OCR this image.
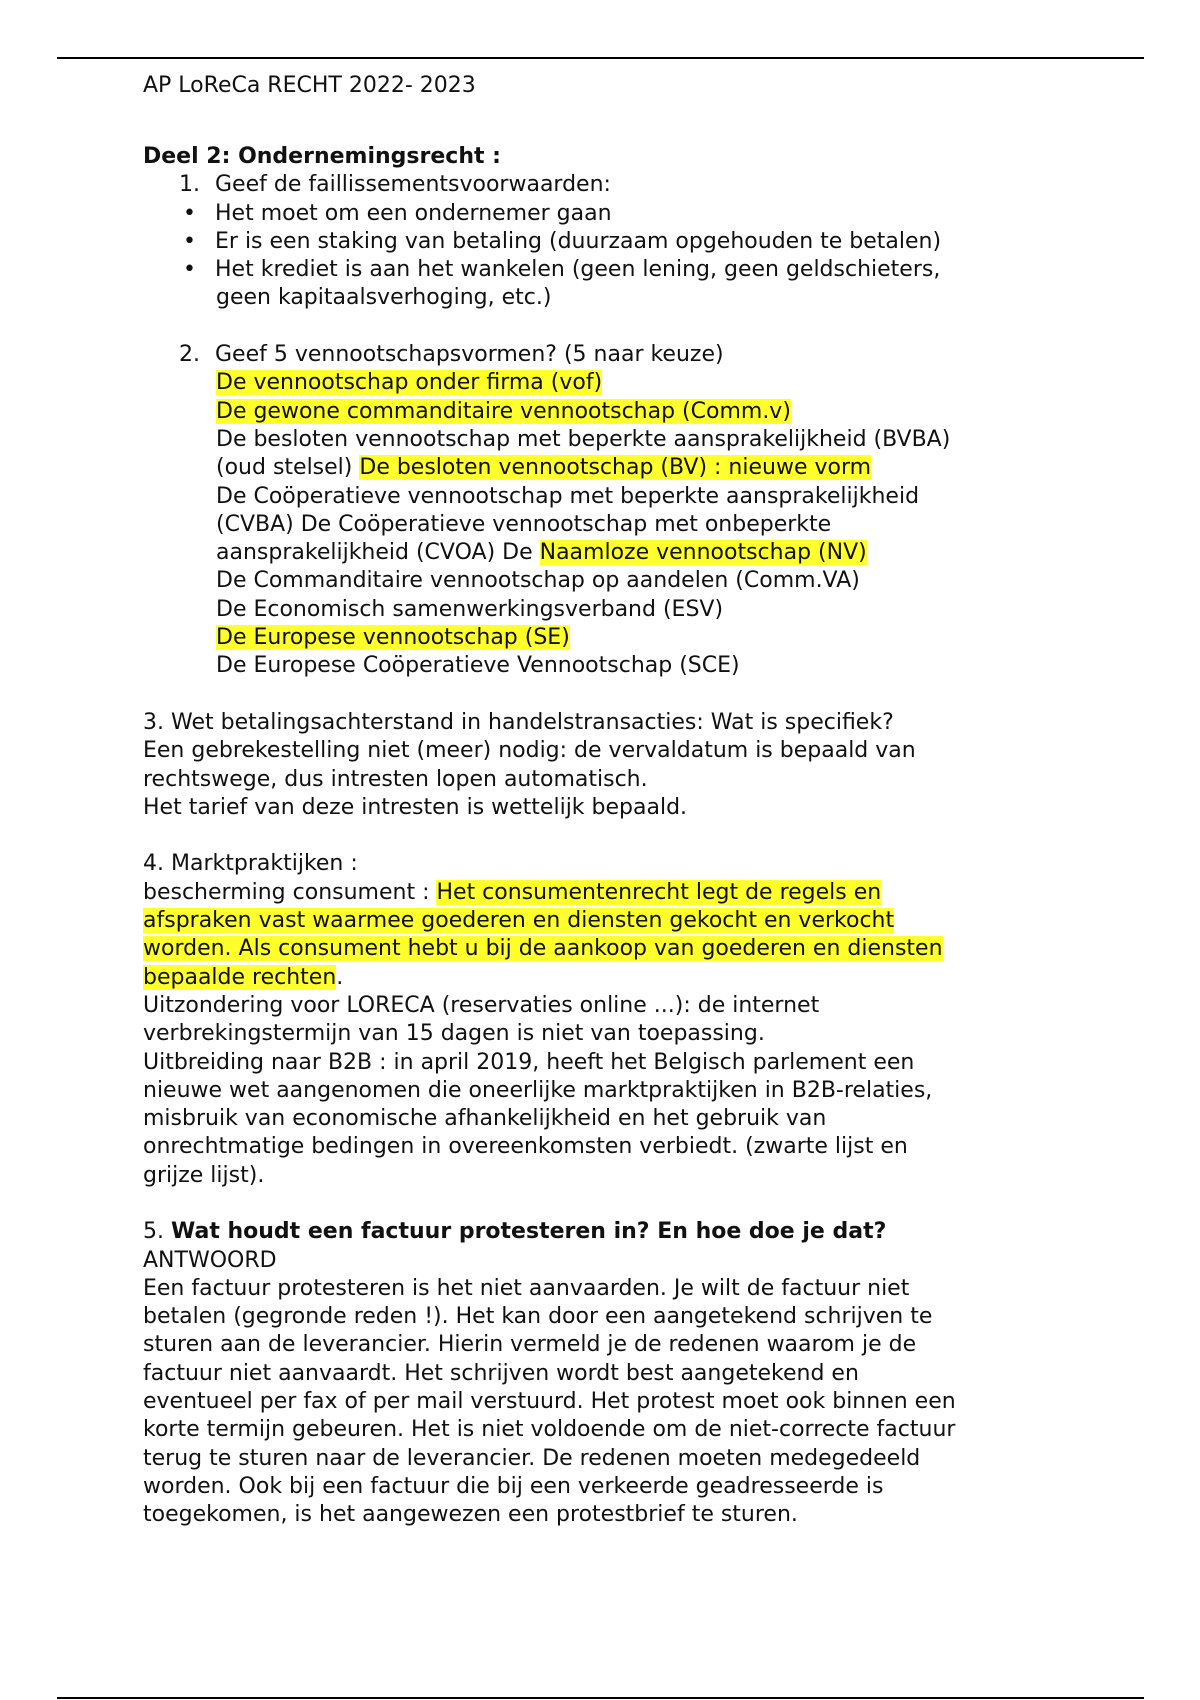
AP LoReCa RECHT 2022- 2023
Deel 2: Ondernemingsrecht :
1. Geef de faillissementsvoorwaarden:
• Het moet om een ondernemer gaan
• Er is een staking van betaling (duurzaam opgehouden te betalen)
• Het krediet is aan het wankelen (geen lening, geen geldschieters,
geen kapitaalsverhoging, etc.)
2. Geef 5 vennootschapsvormen? (5 naar keuze)
De vennootschap onder firma (vof)
De gewone commanditaire vennootschap (Comm.v)
De besloten vennootschap met beperkte aansprakelijkheid (BVBA)
(oud stelsel) De besloten vennootschap (BV) : nieuwe vorm
De Coöperatieve vennootschap met beperkte aansprakelijkheid
(CVBA) De Coöperatieve vennootschap met onbeperkte
aansprakelijkheid (CVOA) De Naamloze vennootschap (NV)
De Commanditaire vennootschap op aandelen (Comm.VA)
De Economisch samenwerkingsverband (ESV)
De Europese vennootschap (SE)
De Europese Coöperatieve Vennootschap (SCE)
3. Wet betalingsachterstand in handelstransacties: Wat is specifiek?
Een gebrekestelling niet (meer) nodig: de vervaldatum is bepaald van
rechtswege, dus intresten lopen automatisch.
Het tarief van deze intresten is wettelijk bepaald.
4. Marktpraktijken :
bescherming consument : Het consumentenrecht legt de regels en
afspraken vast waarmee goederen en diensten gekocht en verkocht
worden. Als consument hebt u bij de aankoop van goederen en diensten
bepaalde rechten.
Uitzondering voor LORECA (reservaties online ...): de internet
verbrekingstermijn van 15 dagen is niet van toepassing.
Uitbreiding naar B2B : in april 2019, heeft het Belgisch parlement een
nieuwe wet aangenomen die oneerlijke marktpraktijken in B2B-relaties,
misbruik van economische afhankelijkheid en het gebruik van
onrechtmatige bedingen in overeenkomsten verbiedt. (zwarte lijst en
grijze lijst).
5. Wat houdt een factuur protesteren in? En hoe doe je dat?
ANTWOORD
Een factuur protesteren is het niet aanvaarden. Je wilt de factuur niet
betalen (gegronde reden !). Het kan door een aangetekend schrijven te
sturen aan de leverancier. Hierin vermeld je de redenen waarom je de
factuur niet aanvaardt. Het schrijven wordt best aangetekend en
eventueel per fax of per mail verstuurd. Het protest moet ook binnen een
korte termijn gebeuren. Het is niet voldoende om de niet-correcte factuur
terug te sturen naar de leverancier. De redenen moeten medegedeeld
worden. Ook bij een factuur die bij een verkeerde geadresseerde is
toegekomen, is het aangewezen een protestbrief te sturen.
